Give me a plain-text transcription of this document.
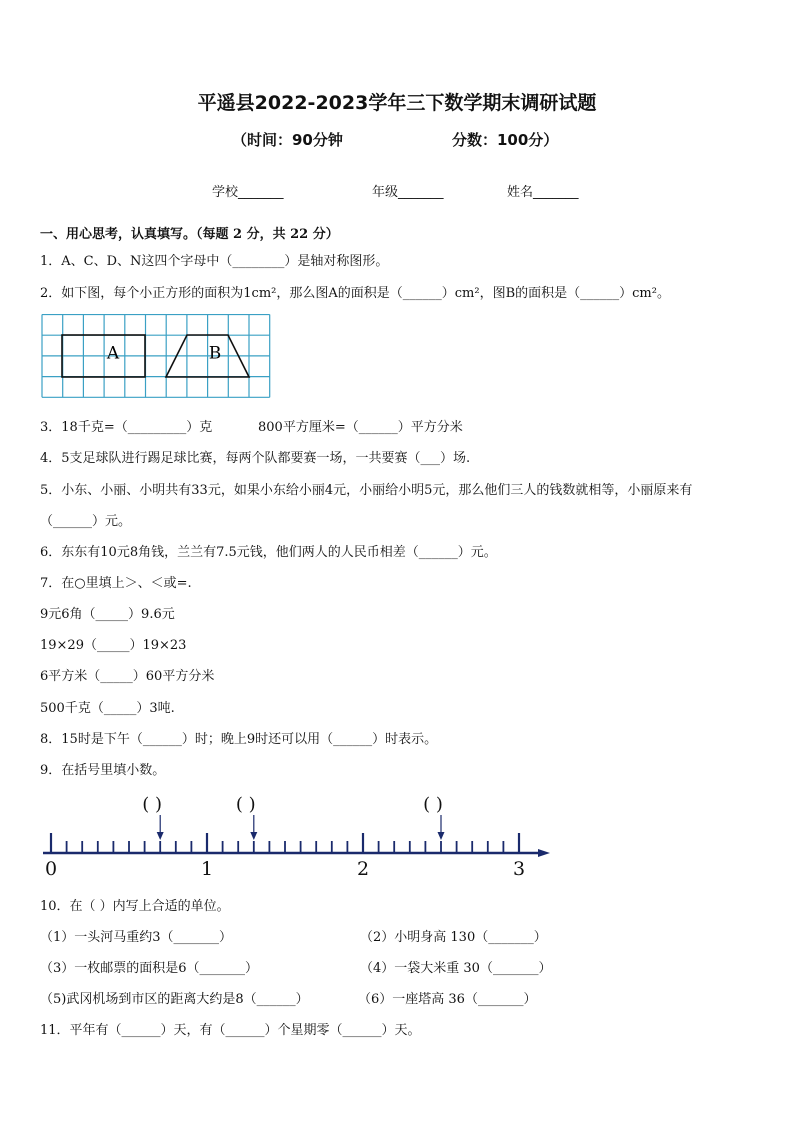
平遥县2022-2023学年三下数学期末调研试题
（时间：90分钟	分数：100分）
学校_______	年级_______	姓名_______
一、用心思考，认真填写。（每题 2 分，共 22 分）
1．A、C、D、N这四个字母中（________）是轴对称图形。
2．如下图，每个小正方形的面积为1cm²，那么图A的面积是（______）cm²，图B的面积是（______）cm²。
A	B
3．18千克=（_________）克	800平方厘米=（______）平方分米
4．5支足球队进行踢足球比赛，每两个队都要赛一场，一共要赛（___）场.
5．小东、小丽、小明共有33元，如果小东给小丽4元，小丽给小明5元，那么他们三人的钱数就相等，小丽原来有
（______）元。
6．东东有10元8角钱，兰兰有7.5元钱，他们两人的人民币相差（______）元。
7．在○里填上＞、＜或=.
9元6角（_____）9.6元
19×29（_____）19×23
6平方米（_____）60平方分米
500千克（_____）3吨.
8．15时是下午（______）时；晚上9时还可以用（______）时表示。
9．在括号里填小数。
0	1	2	3
( )	( )	( )
10．在（ ）内写上合适的单位。
（1）一头河马重约3（_______）	（2）小明身高 130（_______）
（3）一枚邮票的面积是6（_______）	（4）一袋大米重 30（_______）
（5)武冈机场到市区的距离大约是8（______）	（6）一座塔高 36（_______）
11．平年有（______）天，有（______）个星期零（______）天。
